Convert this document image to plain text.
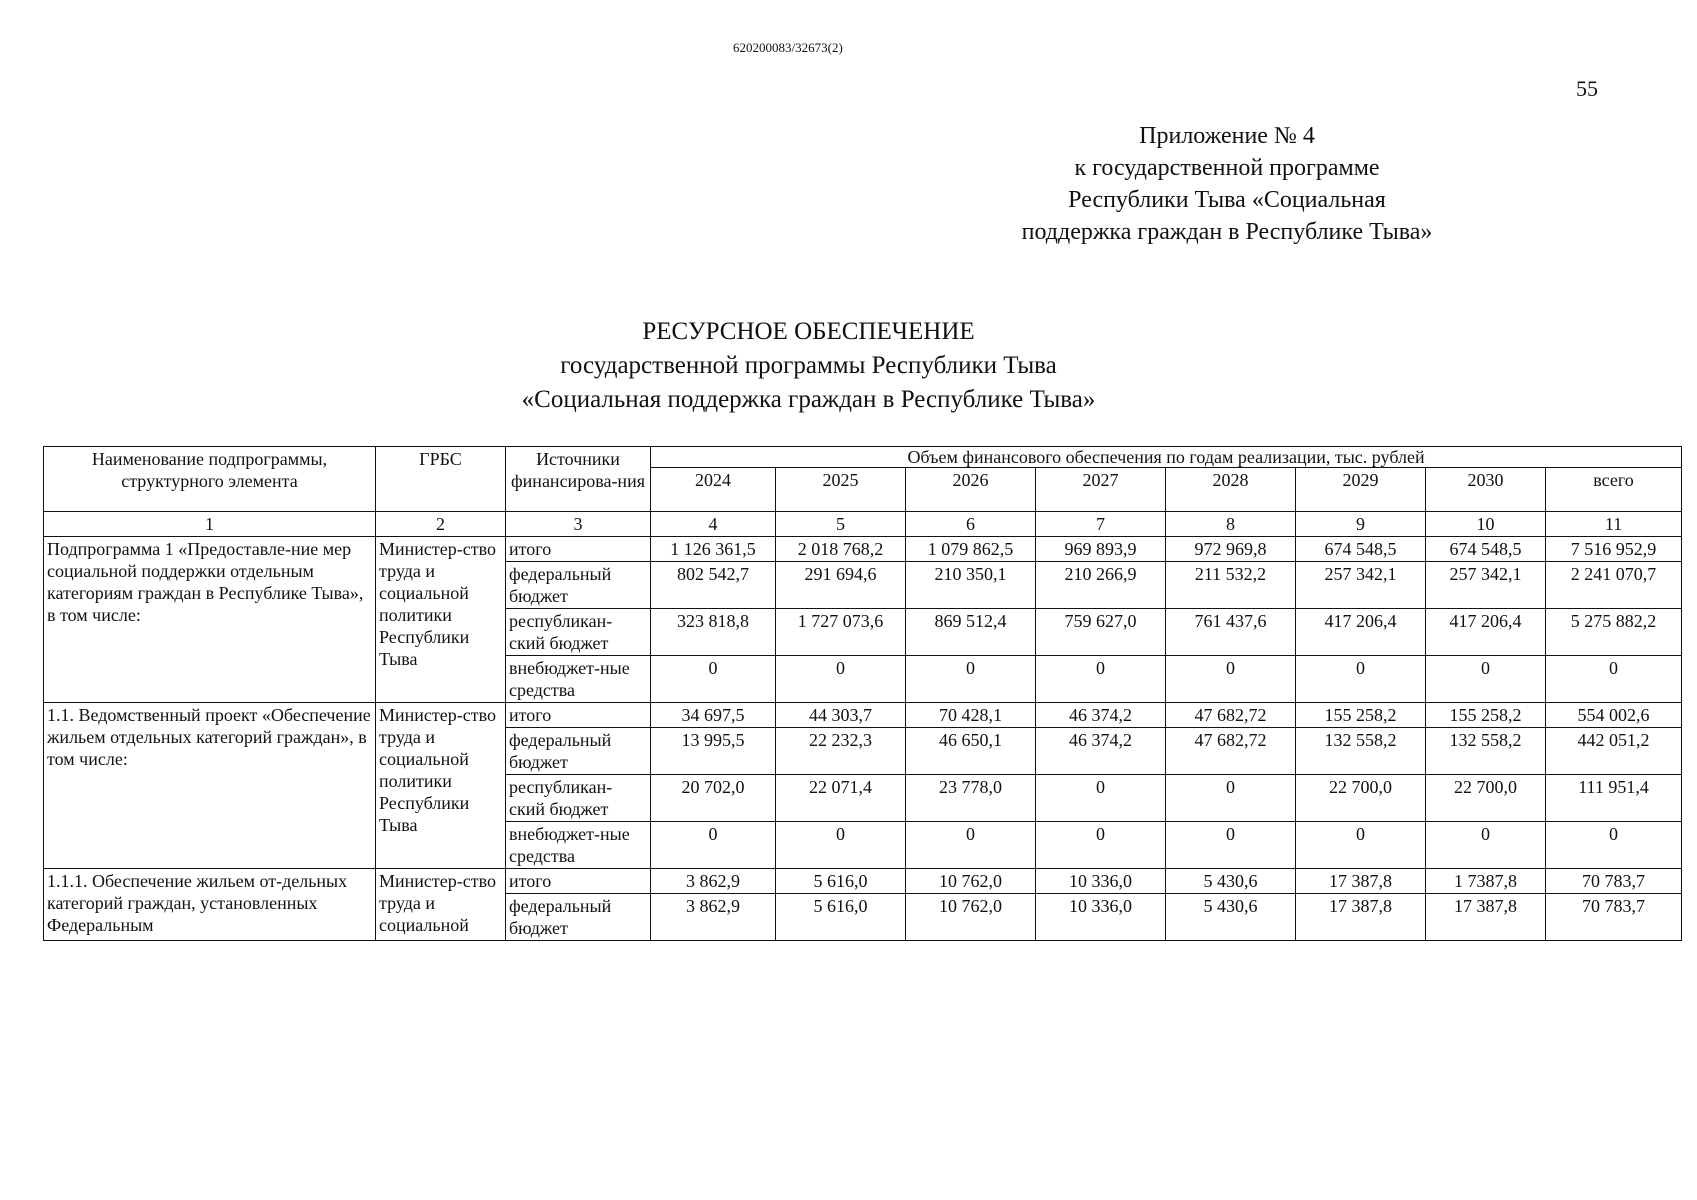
620200083/32673(2)
55
Приложение № 4
к государственной программе
Республики Тыва «Социальная
поддержка граждан в Республике Тыва»
РЕСУРСНОЕ ОБЕСПЕЧЕНИЕ
государственной программы Республики Тыва
«Социальная поддержка граждан в Республике Тыва»
Наименование подпрограммы, структурного элемента	ГРБС	Источники финансирова-ния	Объем финансового обеспечения по годам реализации, тыс. рублей							
			2024	2025	2026	2027	2028	2029	2030	всего
1	2	3	4	5	6	7	8	9	10	11
Подпрограмма 1 «Предоставле-ние мер социальной поддержки отдельным категориям граждан в Республике Тыва», в том числе:	Министер-ство труда и социальной политики Республики Тыва	итого	1 126 361,5	2 018 768,2	1 079 862,5	969 893,9	972 969,8	674 548,5	674 548,5	7 516 952,9
		федеральный бюджет	802 542,7	291 694,6	210 350,1	210 266,9	211 532,2	257 342,1	257 342,1	2 241 070,7
		республикан-ский бюджет	323 818,8	1 727 073,6	869 512,4	759 627,0	761 437,6	417 206,4	417 206,4	5 275 882,2
		внебюджет-ные средства	0	0	0	0	0	0	0	0
1.1. Ведомственный проект «Обеспечение жильем отдельных категорий граждан», в том числе:	Министер-ство труда и социальной политики Республики Тыва	итого	34 697,5	44 303,7	70 428,1	46 374,2	47 682,72	155 258,2	155 258,2	554 002,6
		федеральный бюджет	13 995,5	22 232,3	46 650,1	46 374,2	47 682,72	132 558,2	132 558,2	442 051,2
		республикан-ский бюджет	20 702,0	22 071,4	23 778,0	0	0	22 700,0	22 700,0	111 951,4
		внебюджет-ные средства	0	0	0	0	0	0	0	0
1.1.1. Обеспечение жильем от-дельных категорий граждан, установленных Федеральным	Министер-ство труда и социальной	итого	3 862,9	5 616,0	10 762,0	10 336,0	5 430,6	17 387,8	1 7387,8	70 783,7
		федеральный бюджет	3 862,9	5 616,0	10 762,0	10 336,0	5 430,6	17 387,8	17 387,8	70 783,7
